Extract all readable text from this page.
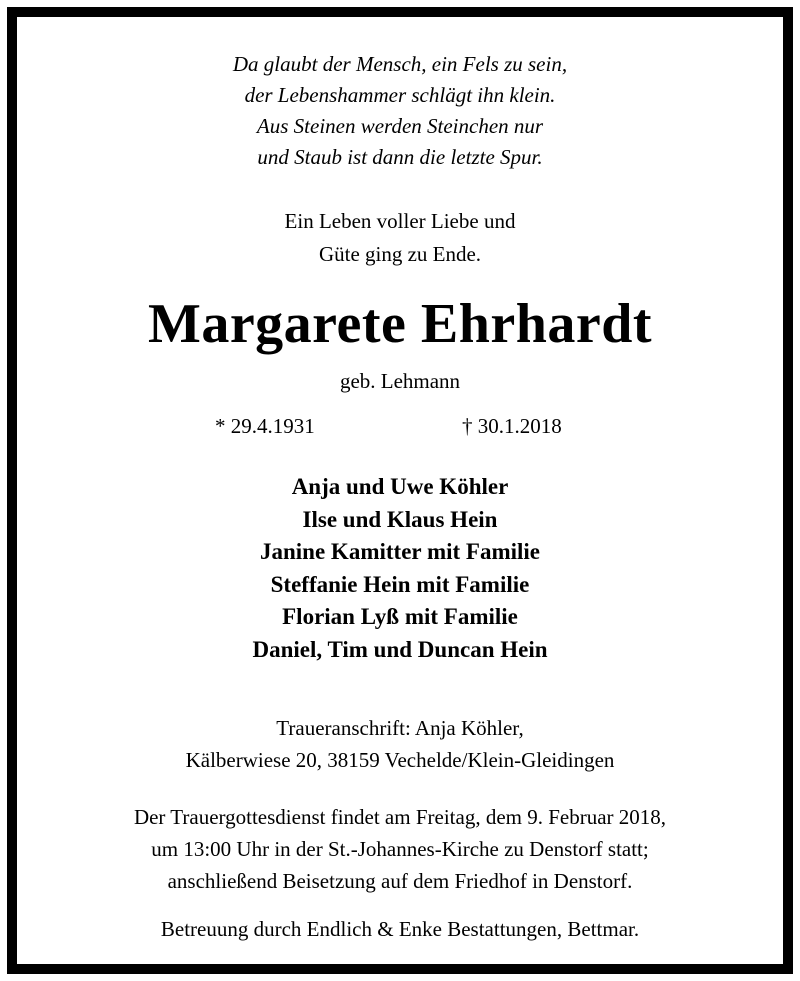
Da glaubt der Mensch, ein Fels zu sein,
der Lebenshammer schlägt ihn klein.
Aus Steinen werden Steinchen nur
und Staub ist dann die letzte Spur.
Ein Leben voller Liebe und
Güte ging zu Ende.
Margarete Ehrhardt
geb. Lehmann
* 29.4.1931	† 30.1.2018
Anja und Uwe Köhler
Ilse und Klaus Hein
Janine Kamitter mit Familie
Steffanie Hein mit Familie
Florian Lyß mit Familie
Daniel, Tim und Duncan Hein
Traueranschrift: Anja Köhler,
Kälberwiese 20, 38159 Vechelde/Klein-Gleidingen
Der Trauergottesdienst findet am Freitag, dem 9. Februar 2018,
um 13:00 Uhr in der St.-Johannes-Kirche zu Denstorf statt;
anschließend Beisetzung auf dem Friedhof in Denstorf.
Betreuung durch Endlich & Enke Bestattungen, Bettmar.
